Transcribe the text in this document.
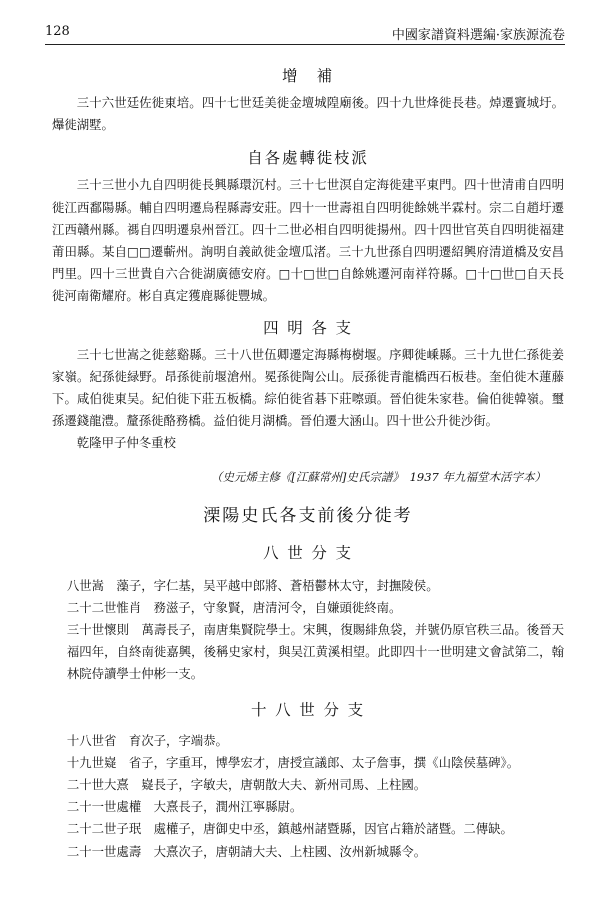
128	中國家譜資料選編·家族源流卷
增　補

三十六世廷佐徙東培。四十七世廷美徙金壇城隍廟後。四十九世烽徙長巷。焯遷竇城圩。爗徙湖墅。

自各處轉徙枝派

三十三世小九自四明徙長興縣環沉村。三十七世溟自定海徙建平東門。四十世清甫自四明徙江西鄱陽縣。輔自四明遷烏程縣壽安莊。四十一世壽祖自四明徙餘姚半霖村。宗二自趙圩遷江西贛州縣。禡自四明遷泉州晉江。四十二世必相自四明徙揚州。四十四世官英自四明徙福建莆田縣。某自□□遷蘄州。詢明自義畝徙金壇瓜渚。三十九世孫自四明遷紹興府清道橋及安昌門里。四十三世貴自六合徙湖廣德安府。□十□世□自餘姚遷河南祥符縣。□十□世□自天長徙河南衛耀府。彬自真定獲鹿縣徙豐城。

四 明 各 支

三十七世嵩之徙慈谿縣。三十八世伍卿遷定海縣梅樹堰。序卿徙嵊縣。三十九世仁孫徙姜家嶺。紀孫徙緑野。昂孫徙前堰滄州。冕孫徙陶公山。辰孫徙青龍橋西石板巷。奎伯徙木蓮藤下。咸伯徙東吴。紀伯徙下莊五板橋。綜伯徙省碁下莊嚓頭。晉伯徙朱家巷。倫伯徙韓嶺。璽孫遷錢龍澧。釐孫徙酪務橋。益伯徙月湖橋。晉伯遷大涵山。四十世公升徙沙街。

乾隆甲子仲冬重校

（史元烯主修《[江蘇常州]史氏宗譜》　1937 年九福堂木活字本）
溧陽史氏各支前後分徙考
八 世 分 支

八世嵩　藻子，字仁基，吴平越中郎將、蒼梧鬱林太守，封撫陵侯。

二十二世惟肖　務滋子，守象賢，唐清河令，自嫌頭徙終南。

三十世懷則　萬壽長子，南唐集賢院學士。宋興，復賜緋魚袋，并號仍原官秩三品。後晉天福四年，自終南徙嘉興，後稱史家村，與吴江黄溪相望。此即四十一世明建文會試第二，翰林院侍讀學士仲彬一支。

十 八 世 分 支
十八世省　育次子，字端恭。
十九世嶷　省子，字重耳，博學宏才，唐授宣議郎、太子詹事，撰《山陰侯墓碑》。
二十世大熹　嶷長子，字敏夫，唐朝散大夫、新州司馬、上柱國。
二十一世處權　大熹長子，潤州江寧縣尉。
二十二世子珉　處權子，唐御史中丞，鎮越州諸暨縣，因官占籍於諸暨。二傳缺。
二十一世處壽　大熹次子，唐朝請大夫、上柱國、汝州新城縣令。
